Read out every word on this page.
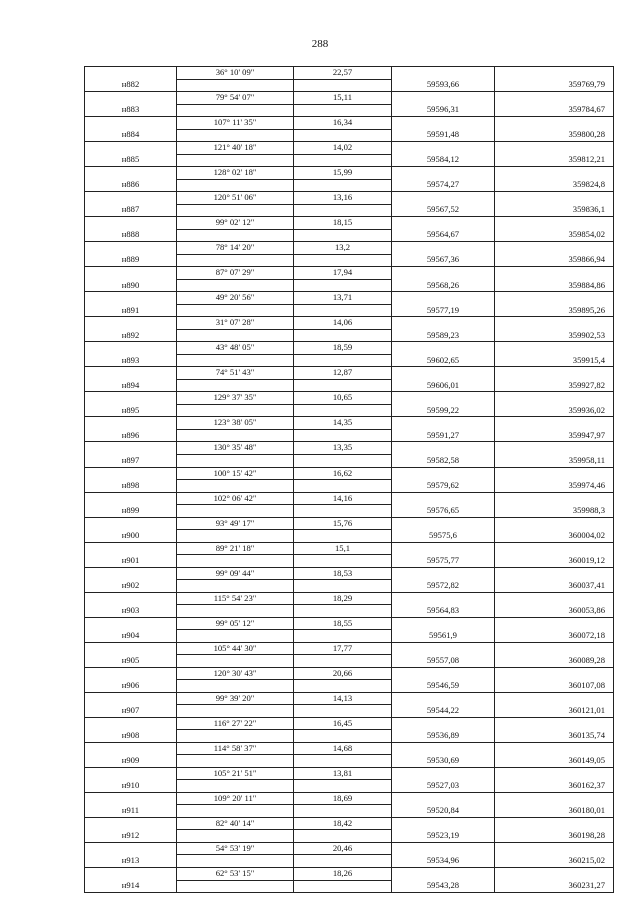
288
	36° 10' 09"	22,57		
н882			59593,66	359769,79
	79° 54' 07"	15,11		
н883			59596,31	359784,67
	107° 11' 35"	16,34		
н884			59591,48	359800,28
	121° 40' 18"	14,02		
н885			59584,12	359812,21
	128° 02' 18"	15,99		
н886			59574,27	359824,8
	120° 51' 06"	13,16		
н887			59567,52	359836,1
	99° 02' 12"	18,15		
н888			59564,67	359854,02
	78° 14' 20"	13,2		
н889			59567,36	359866,94
	87° 07' 29"	17,94		
н890			59568,26	359884,86
	49° 20' 56"	13,71		
н891			59577,19	359895,26
	31° 07' 28"	14,06		
н892			59589,23	359902,53
	43° 48' 05"	18,59		
н893			59602,65	359915,4
	74° 51' 43"	12,87		
н894			59606,01	359927,82
	129° 37' 35"	10,65		
н895			59599,22	359936,02
	123° 38' 05"	14,35		
н896			59591,27	359947,97
	130° 35' 48"	13,35		
н897			59582,58	359958,11
	100° 15' 42"	16,62		
н898			59579,62	359974,46
	102° 06' 42"	14,16		
н899			59576,65	359988,3
	93° 49' 17"	15,76		
н900			59575,6	360004,02
	89° 21' 18"	15,1		
н901			59575,77	360019,12
	99° 09' 44"	18,53		
н902			59572,82	360037,41
	115° 54' 23"	18,29		
н903			59564,83	360053,86
	99° 05' 12"	18,55		
н904			59561,9	360072,18
	105° 44' 30"	17,77		
н905			59557,08	360089,28
	120° 30' 43"	20,66		
н906			59546,59	360107,08
	99° 39' 20"	14,13		
н907			59544,22	360121,01
	116° 27' 22"	16,45		
н908			59536,89	360135,74
	114° 58' 37"	14,68		
н909			59530,69	360149,05
	105° 21' 51"	13,81		
н910			59527,03	360162,37
	109° 20' 11"	18,69		
н911			59520,84	360180,01
	82° 40' 14"	18,42		
н912			59523,19	360198,28
	54° 53' 19"	20,46		
н913			59534,96	360215,02
	62° 53' 15"	18,26		
н914			59543,28	360231,27
